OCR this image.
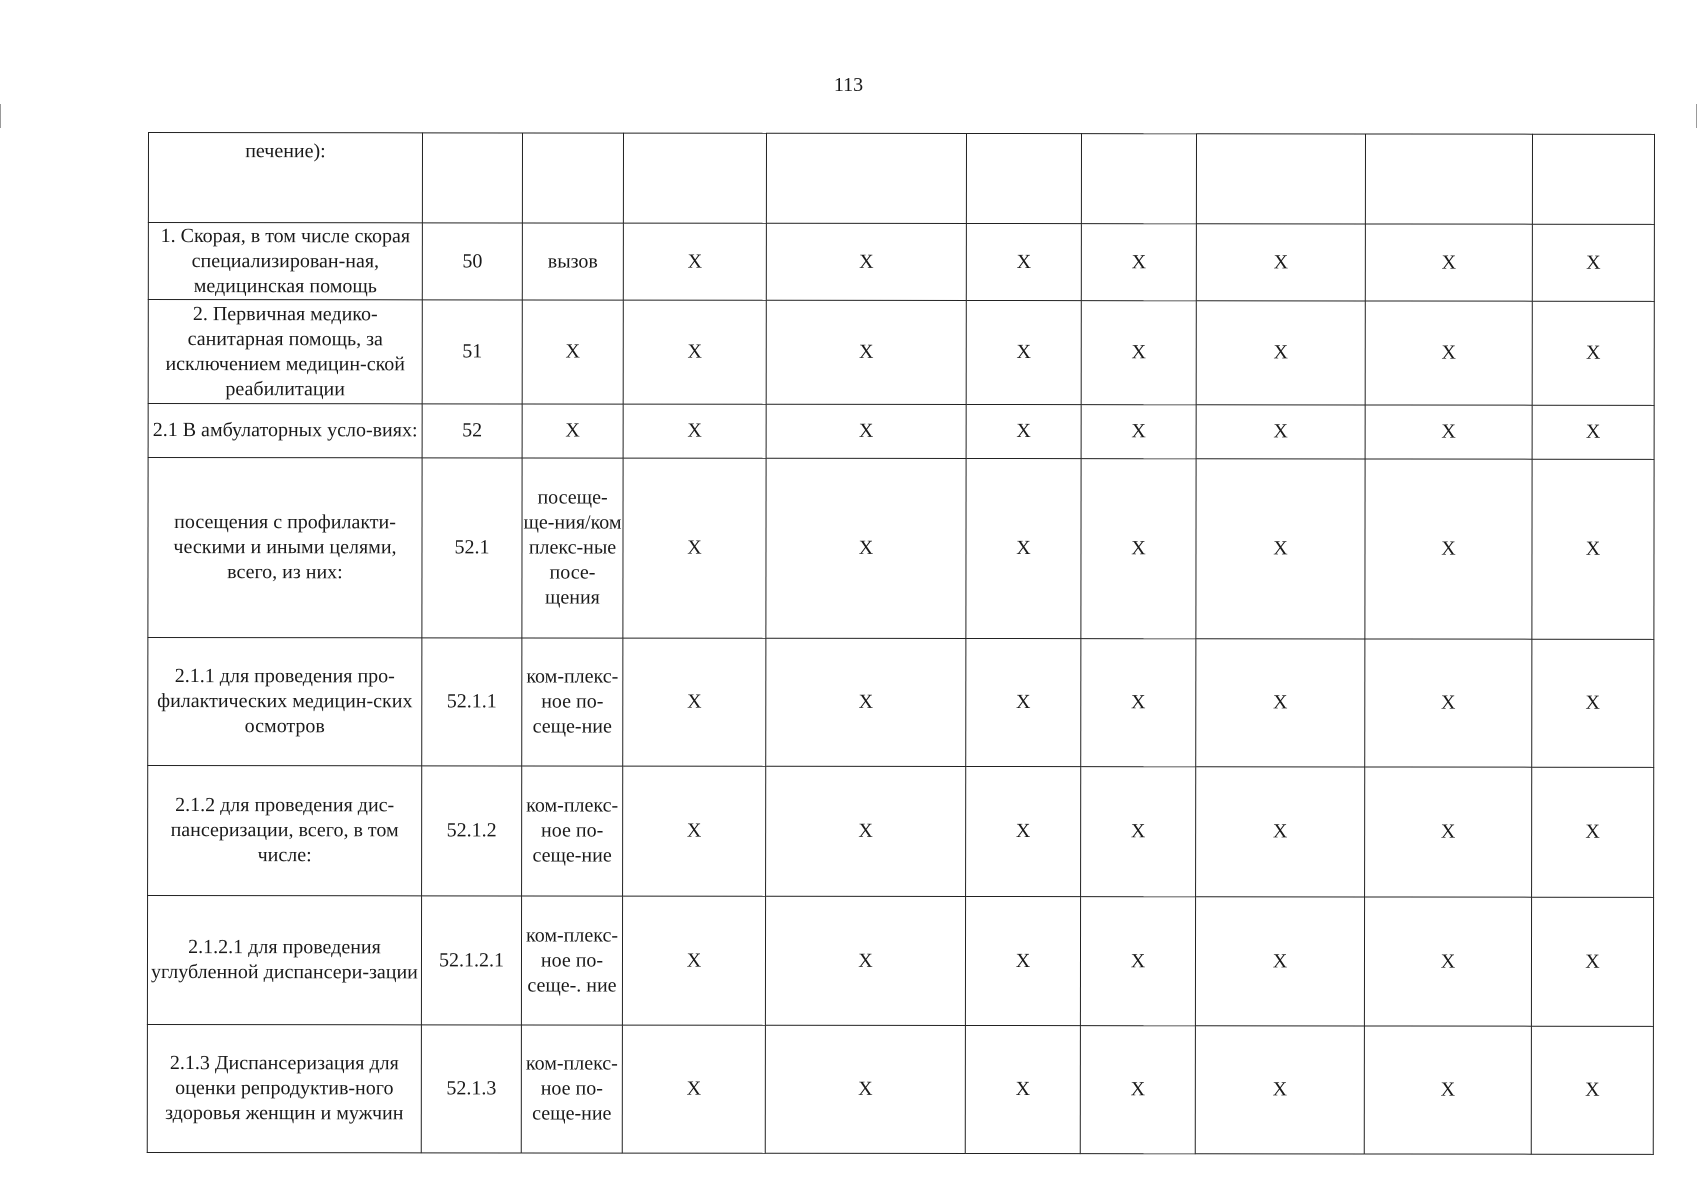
113
печение):									
1. Скорая, в том числе скорая специализирован-ная, медицинская помощь	50	вызов	X	X	X	X	X	X	X
2. Первичная медико-санитарная помощь, за исключением медицин-ской реабилитации	51	X	X	X	X	X	X	X	X
2.1 В амбулаторных усло-виях:	52	X	X	X	X	X	X	X	X
посещения с профилакти-ческими и иными целями, всего, из них:	52.1	посеще-ще-ния/ком плекс-ные посе-щения	X	X	X	X	X	X	X
2.1.1 для проведения про-филактических медицин-ских осмотров	52.1.1	ком-плекс-ное по-сеще-ние	X	X	X	X	X	X	X
2.1.2 для проведения дис-пансеризации, всего, в том числе:	52.1.2	ком-плекс-ное по-сеще-ние	X	X	X	X	X	X	X
2.1.2.1 для проведения углубленной диспансери-зации	52.1.2.1	ком-плекс-ное по-сеще-. ние	X	X	X	X	X	X	X
2.1.3 Диспансеризация для оценки репродуктив-ного здоровья женщин и мужчин	52.1.3	ком-плекс-ное по-сеще-ние	X	X	X	X	X	X	X
